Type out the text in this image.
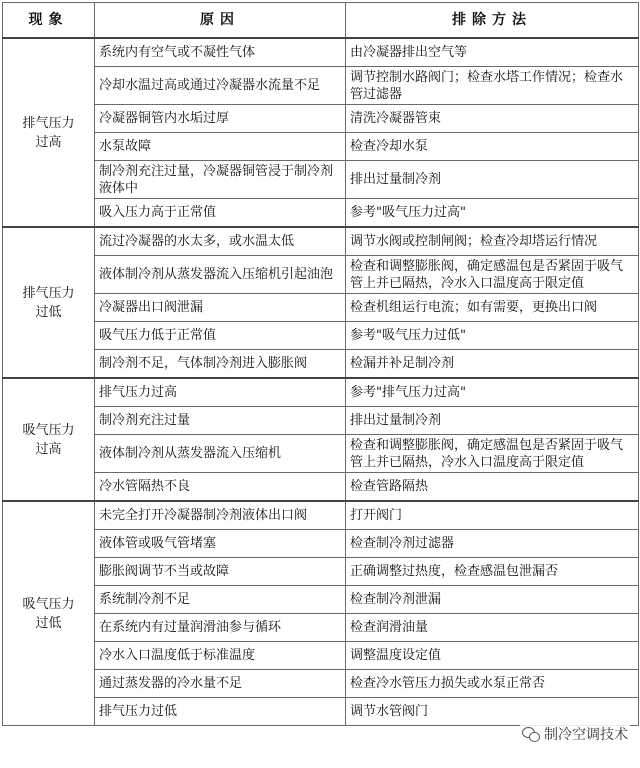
现象	原因	排除方法
排气压力过高	系统内有空气或不凝性气体	由冷凝器排出空气等
	冷却水温过高或通过冷凝器水流量不足	调节控制水路阀门；检查水塔工作情况；检查水管过滤器
	冷凝器铜管内水垢过厚	清洗冷凝器管束
	水泵故障	检查冷却水泵
	制冷剂充注过量，冷凝器铜管浸于制冷剂液体中	排出过量制冷剂
	吸入压力高于正常值	参考"吸气压力过高"
排气压力过低	流过冷凝器的水太多，或水温太低	调节水阀或控制闸阀；检查冷却塔运行情况
	液体制冷剂从蒸发器流入压缩机引起油泡	检查和调整膨胀阀，确定感温包是否紧固于吸气管上并已隔热，冷水入口温度高于限定值
	冷凝器出口阀泄漏	检查机组运行电流；如有需要，更换出口阀
	吸气压力低于正常值	参考"吸气压力过低"
	制冷剂不足，气体制冷剂进入膨胀阀	检漏并补足制冷剂
吸气压力过高	排气压力过高	参考"排气压力过高"
	制冷剂充注过量	排出过量制冷剂
	液体制冷剂从蒸发器流入压缩机	检查和调整膨胀阀，确定感温包是否紧固于吸气管上并已隔热，冷水入口温度高于限定值
	冷水管隔热不良	检查管路隔热
吸气压力过低	未完全打开冷凝器制冷剂液体出口阀	打开阀门
	液体管或吸气管堵塞	检查制冷剂过滤器
	膨胀阀调节不当或故障	正确调整过热度，检查感温包泄漏否
	系统制冷剂不足	检查制冷剂泄漏
	在系统内有过量润滑油参与循环	检查润滑油量
	冷水入口温度低于标准温度	调整温度设定值
	通过蒸发器的冷水量不足	检查冷水管压力损失或水泵正常否
	排气压力过低	调节水管阀门
制冷空调技术
